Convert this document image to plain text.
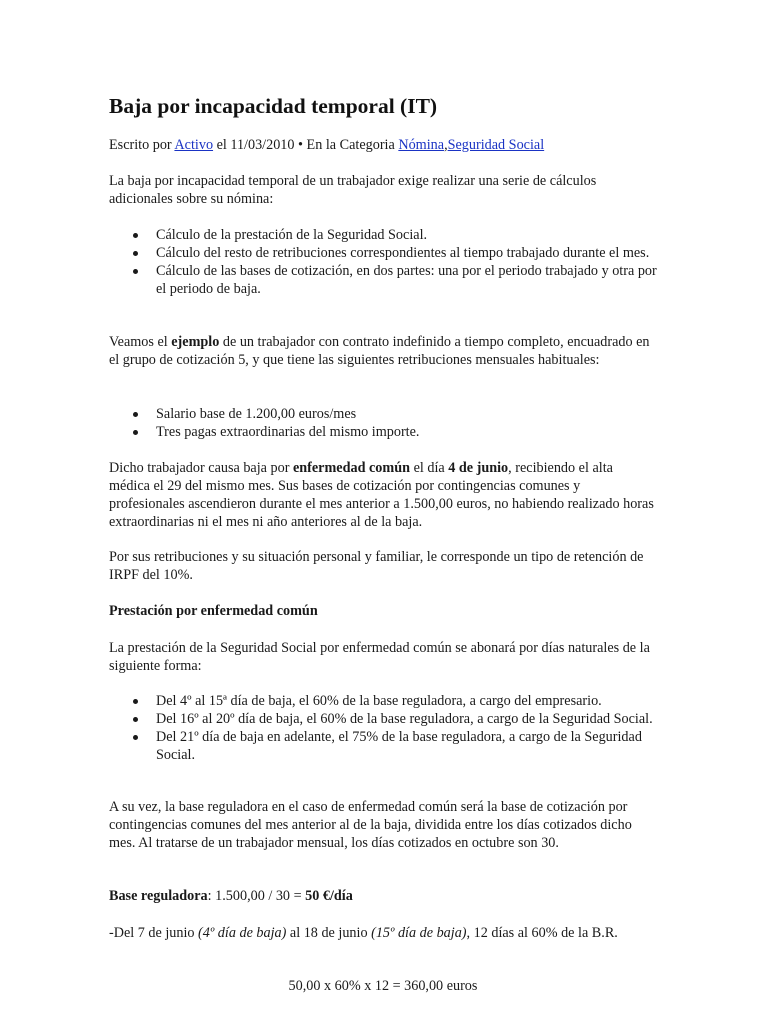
Baja por incapacidad temporal (IT)
Escrito por Activo el 11/03/2010 • En la Categoria Nómina,Seguridad Social
La baja por incapacidad temporal de un trabajador exige realizar una serie de cálculos adicionales sobre su nómina:
Cálculo de la prestación de la Seguridad Social.
Cálculo del resto de retribuciones correspondientes al tiempo trabajado durante el mes.
Cálculo de las bases de cotización, en dos partes: una por el periodo trabajado y otra por el periodo de baja.
Veamos el ejemplo de un trabajador con contrato indefinido a tiempo completo, encuadrado en el grupo de cotización 5, y que tiene las siguientes retribuciones mensuales habituales:
Salario base de 1.200,00 euros/mes
Tres pagas extraordinarias del mismo importe.
Dicho trabajador causa baja por enfermedad común el día 4 de junio, recibiendo el alta médica el 29 del mismo mes. Sus bases de cotización por contingencias comunes y profesionales ascendieron durante el mes anterior a 1.500,00 euros, no habiendo realizado horas extraordinarias ni el mes ni año anteriores al de la baja.
Por sus retribuciones y su situación personal y familiar, le corresponde un tipo de retención de IRPF del 10%.
Prestación por enfermedad común
La prestación de la Seguridad Social por enfermedad común se abonará por días naturales de la siguiente forma:
Del 4º al 15ª día de baja, el 60% de la base reguladora, a cargo del empresario.
Del 16º al 20º día de baja, el 60% de la base reguladora, a cargo de la Seguridad Social.
Del 21º día de baja en adelante, el 75% de la base reguladora, a cargo de la Seguridad Social.
A su vez, la base reguladora en el caso de enfermedad común será la base de cotización por contingencias comunes del mes anterior al de la baja, dividida entre los días cotizados dicho mes. Al tratarse de un trabajador mensual, los días cotizados en octubre son 30.
Base reguladora: 1.500,00 / 30 = 50 €/día
-Del 7 de junio (4º día de baja) al 18 de junio (15º día de baja), 12 días al 60% de la B.R.
50,00 x 60% x 12 = 360,00 euros
